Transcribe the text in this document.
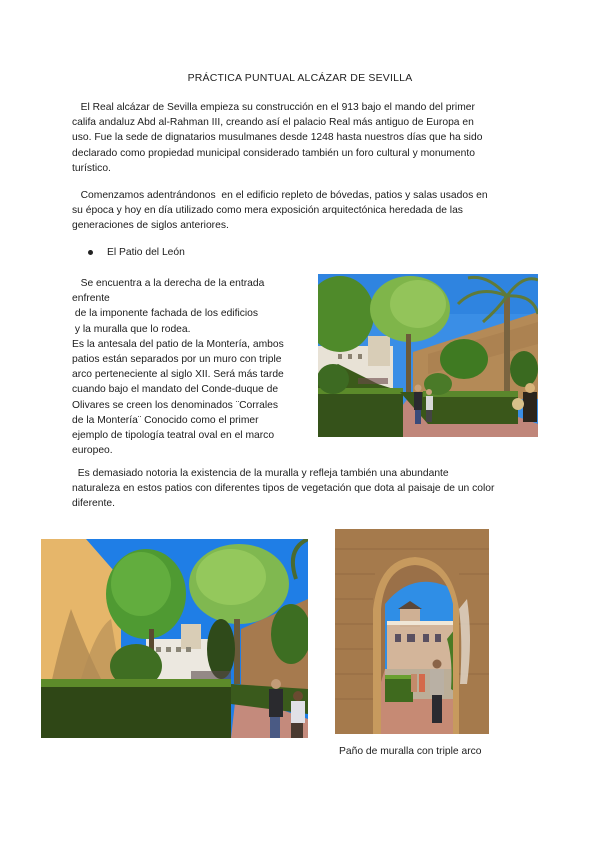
PRÁCTICA PUNTUAL ALCÁZAR DE SEVILLA
El Real alcázar de Sevilla empieza su construcción en el 913 bajo el mando del primer
califa andaluz Abd al-Rahman III, creando así el palacio Real más antiguo de Europa en
uso. Fue la sede de dignatarios musulmanes desde 1248 hasta nuestros días que ha sido
declarado como propiedad municipal considerado también un foro cultural y monumento
turístico.
Comenzamos adentrándonos  en el edificio repleto de bóvedas, patios y salas usados en
su época y hoy en día utilizado como mera exposición arquitectónica heredada de las
generaciones de siglos anteriores.
El Patio del León
Se encuentra a la derecha de la entrada
enfrente
de la imponente fachada de los edificios
y la muralla que lo rodea.
Es la antesala del patio de la Montería, ambos
patios están separados por un muro con triple
arco perteneciente al siglo XII. Será más tarde
cuando bajo el mandato del Conde-duque de
Olivares se creen los denominados ¨Corrales
de la Montería¨ Conocido como el primer
ejemplo de tipología teatral oval en el marco
europeo.
Es demasiado notoria la existencia de la muralla y refleja también una abundante
naturaleza en estos patios con diferentes tipos de vegetación que dota al paisaje de un color
diferente.
Paño de muralla con triple arco
